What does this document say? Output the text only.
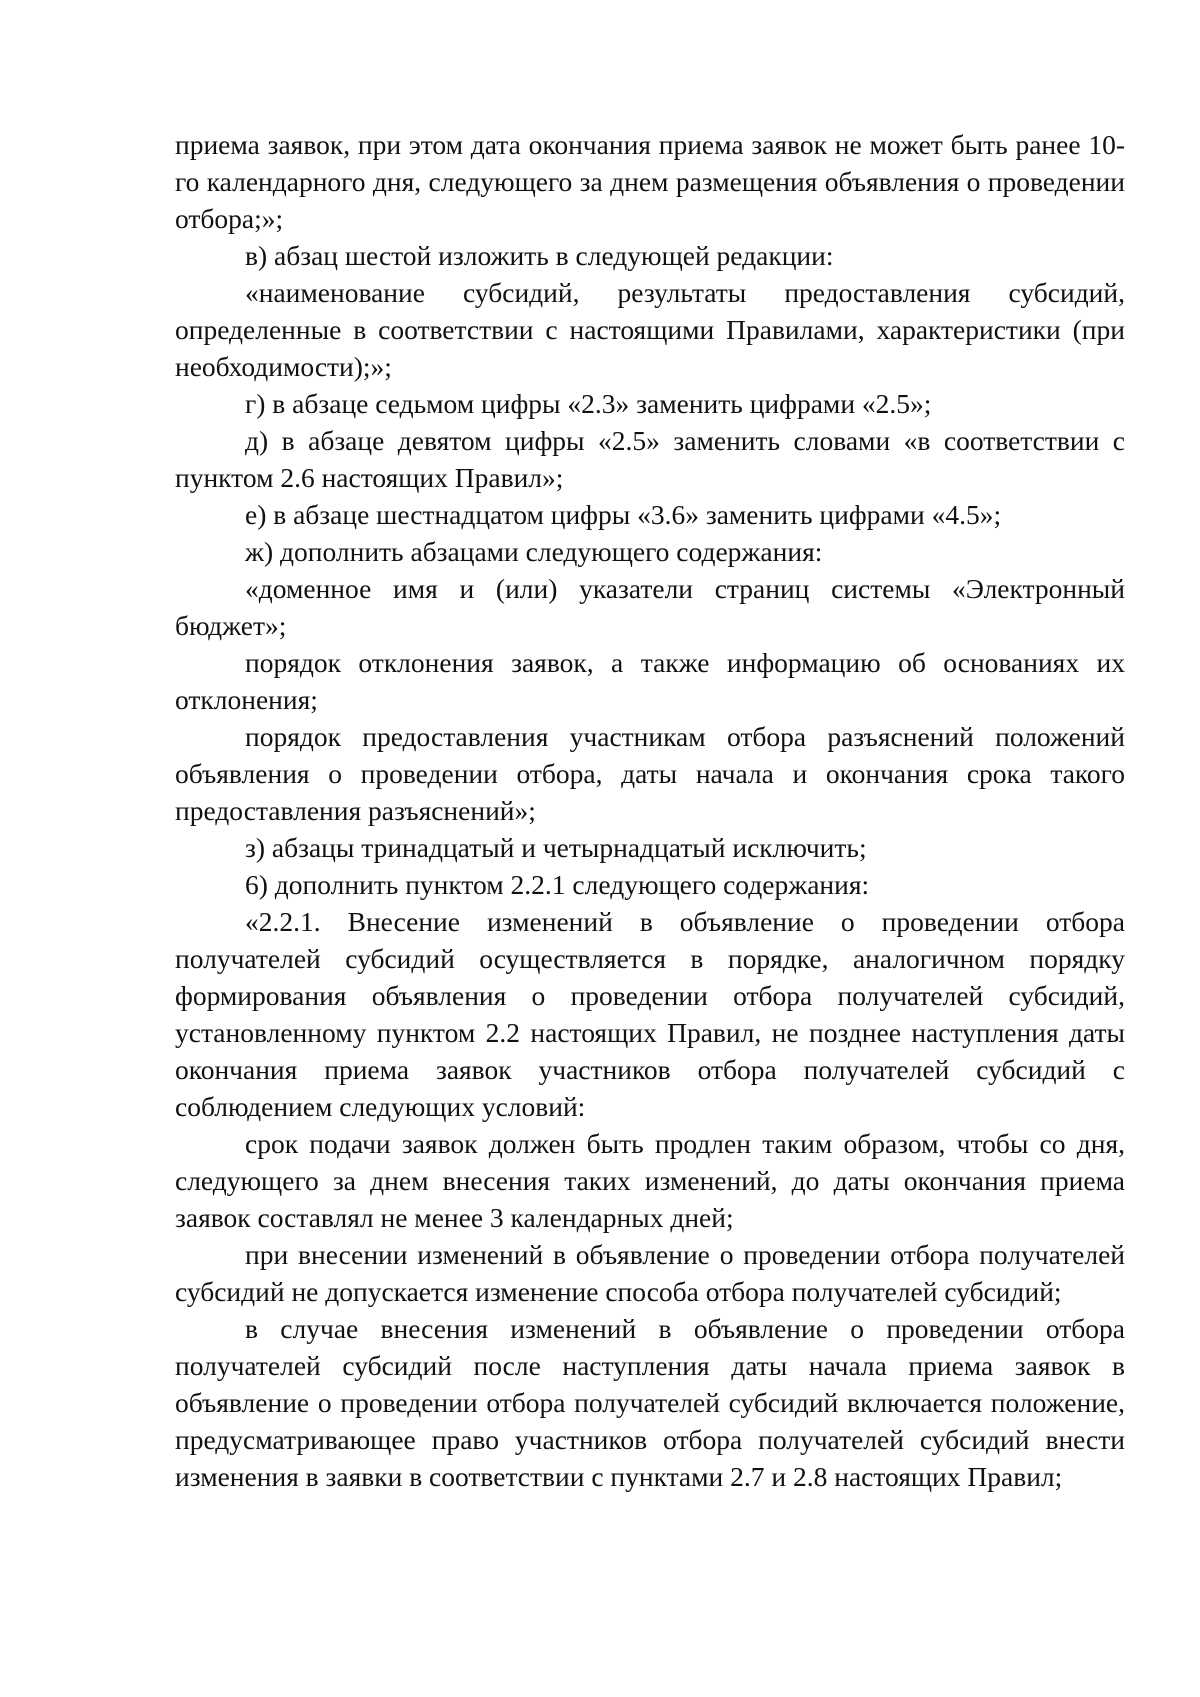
приема заявок, при этом дата окончания приема заявок не может быть ранее 10-го календарного дня, следующего за днем размещения объявления о проведении отбора;»;

в) абзац шестой изложить в следующей редакции:

«наименование субсидий, результаты предоставления субсидий, определенные в соответствии с настоящими Правилами, характеристики (при необходимости);»;

г) в абзаце седьмом цифры «2.3» заменить цифрами «2.5»;

д) в абзаце девятом цифры «2.5» заменить словами «в соответствии с пунктом 2.6 настоящих Правил»;

е) в абзаце шестнадцатом цифры «3.6» заменить цифрами «4.5»;

ж) дополнить абзацами следующего содержания:

«доменное имя и (или) указатели страниц системы «Электронный бюджет»;

порядок отклонения заявок, а также информацию об основаниях их отклонения;

порядок предоставления участникам отбора разъяснений положений объявления о проведении отбора, даты начала и окончания срока такого предоставления разъяснений»;

з) абзацы тринадцатый и четырнадцатый исключить;

6) дополнить пунктом 2.2.1 следующего содержания:

«2.2.1. Внесение изменений в объявление о проведении отбора получателей субсидий осуществляется в порядке, аналогичном порядку формирования объявления о проведении отбора получателей субсидий, установленному пунктом 2.2 настоящих Правил, не позднее наступления даты окончания приема заявок участников отбора получателей субсидий с соблюдением следующих условий:

срок подачи заявок должен быть продлен таким образом, чтобы со дня, следующего за днем внесения таких изменений, до даты окончания приема заявок составлял не менее 3 календарных дней;

при внесении изменений в объявление о проведении отбора получателей субсидий не допускается изменение способа отбора получателей субсидий;

в случае внесения изменений в объявление о проведении отбора получателей субсидий после наступления даты начала приема заявок в объявление о проведении отбора получателей субсидий включается положение, предусматривающее право участников отбора получателей субсидий внести изменения в заявки в соответствии с пунктами 2.7 и 2.8 настоящих Правил;
